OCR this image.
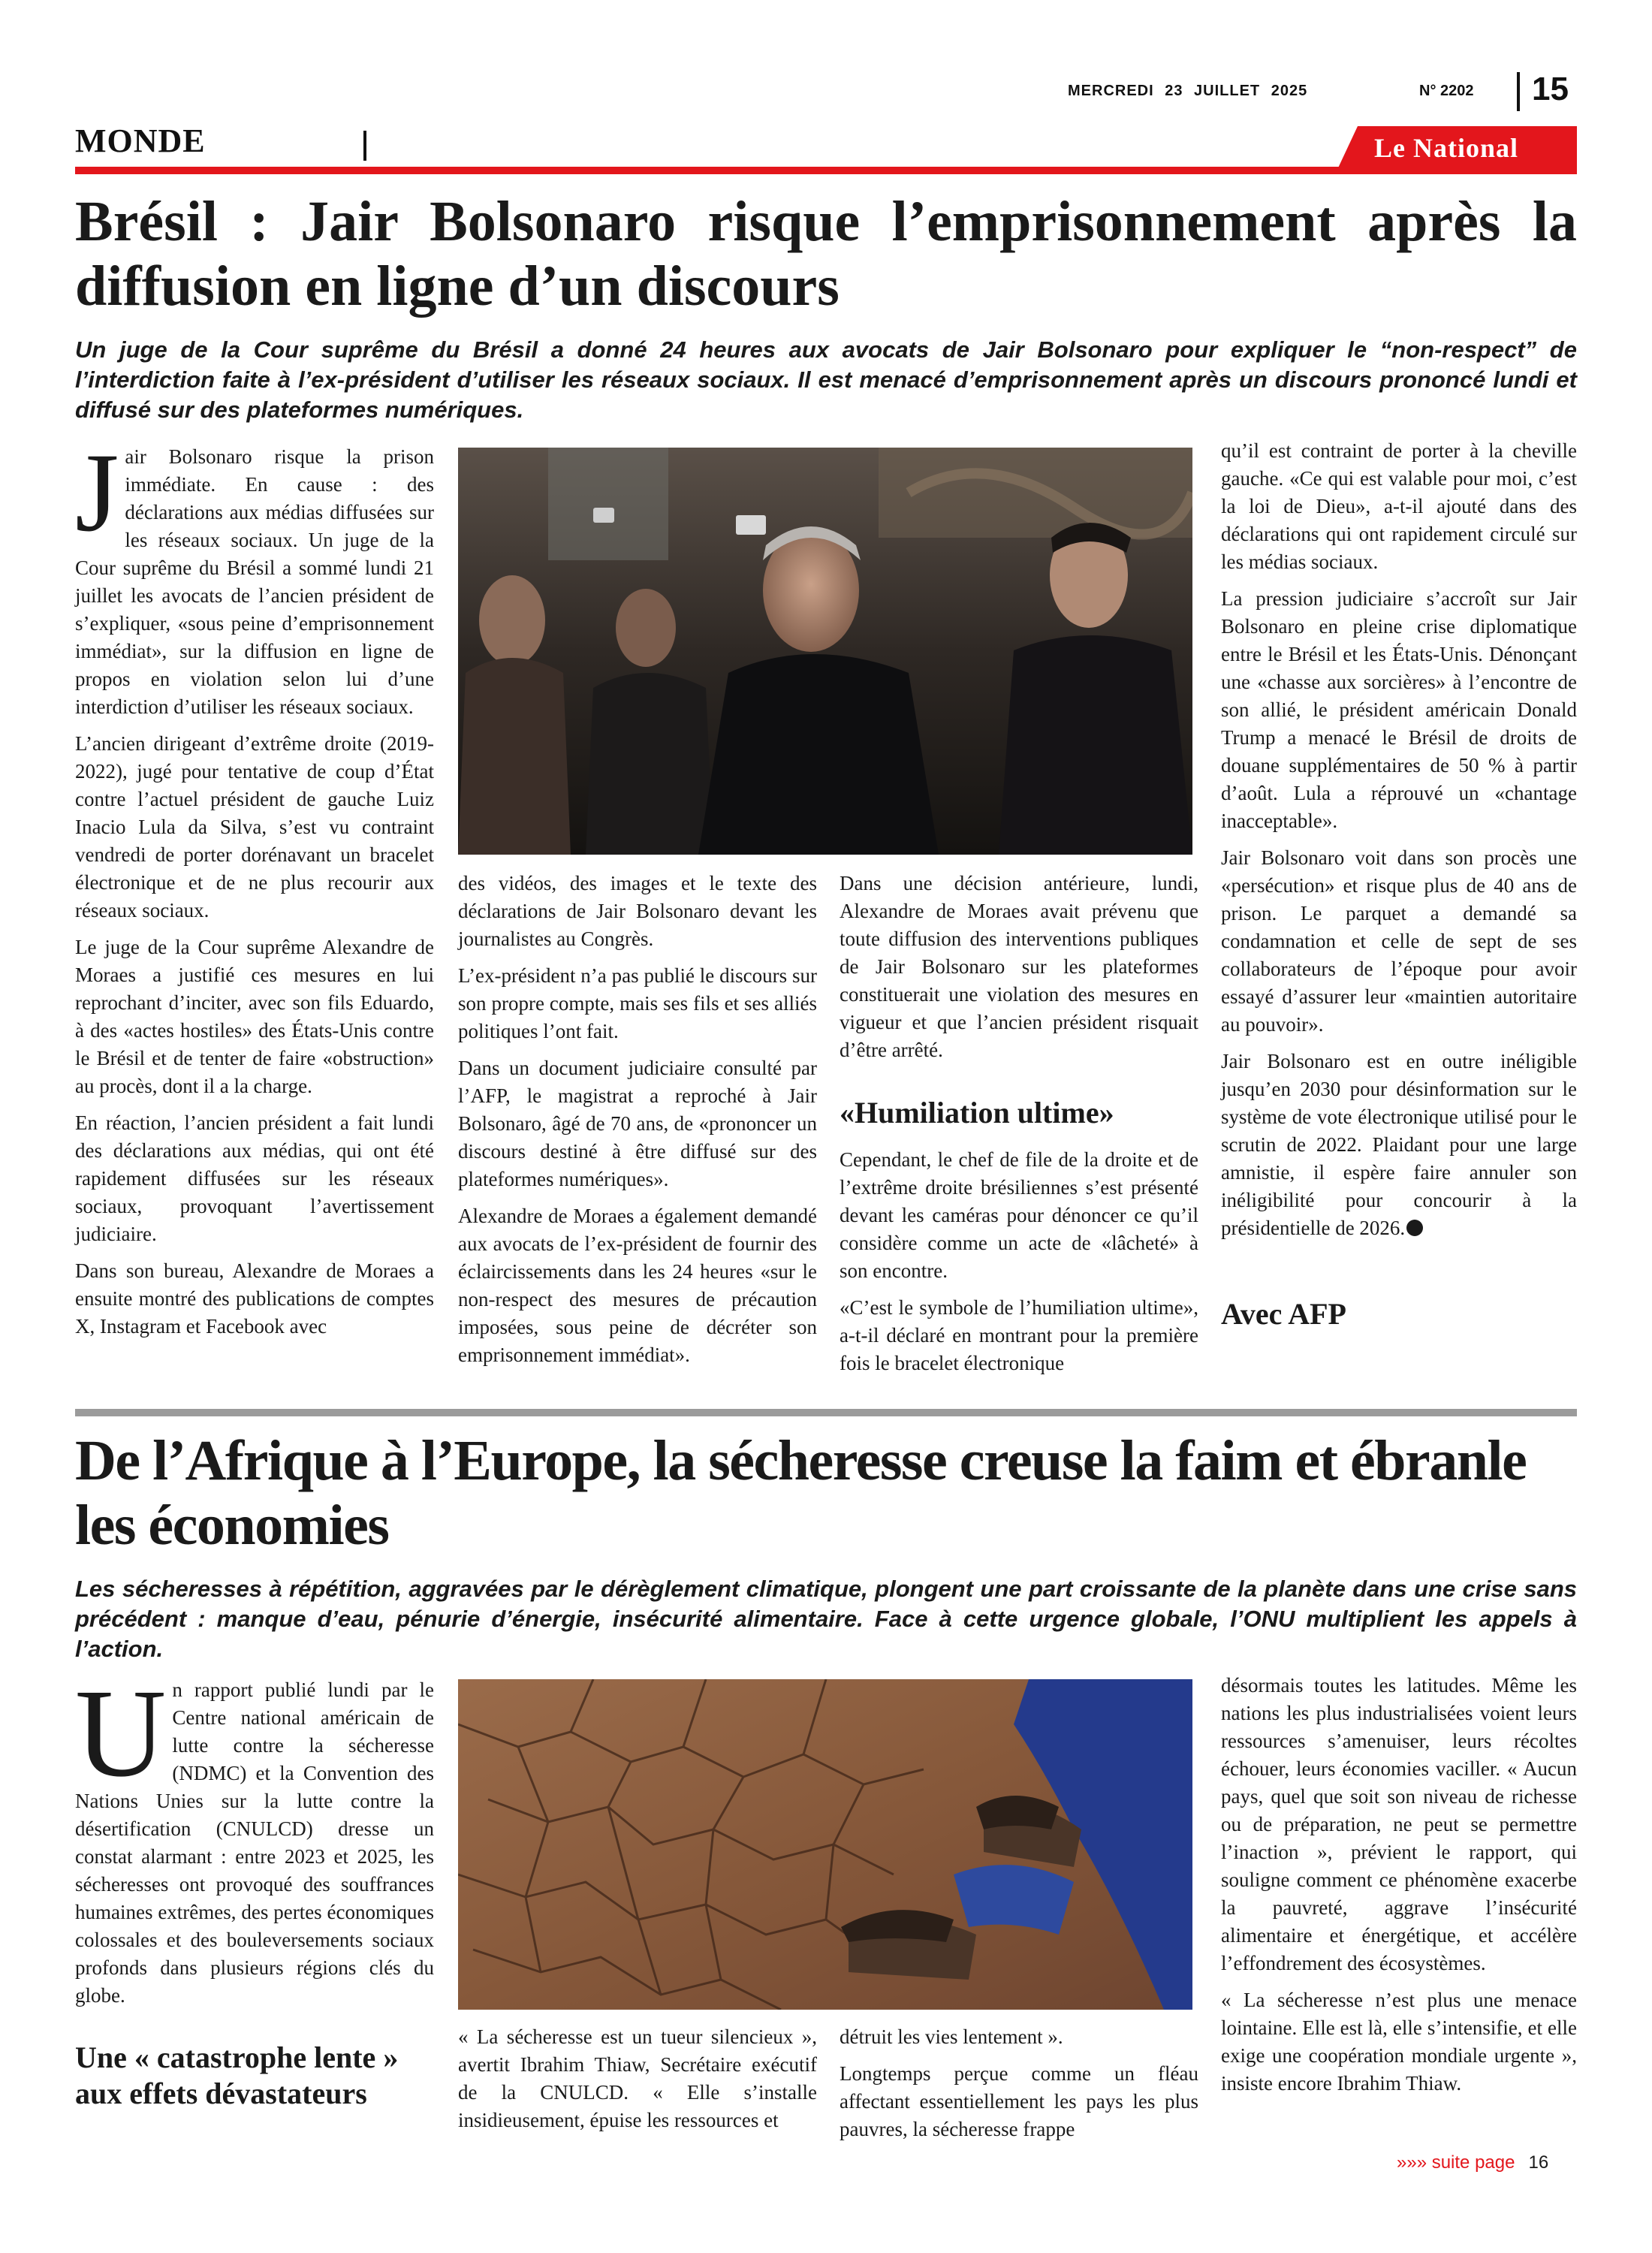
MERCREDI 23 JUILLET 2025	N° 2202 15
MONDE	Le National
Brésil : Jair Bolsonaro risque l’emprisonnement après la diffusion en ligne d’un discours
Un juge de la Cour suprême du Brésil a donné 24 heures aux avocats de Jair Bolsonaro pour expliquer le “non-respect” de l’interdiction faite à l’ex-président d’utiliser les réseaux sociaux. Il est menacé d’emprisonnement après un discours prononcé lundi et diffusé sur des plateformes numériques.

Jair Bolsonaro risque la prison immédiate. En cause : des déclarations aux médias diffusées sur les réseaux sociaux. Un juge de la Cour suprême du Brésil a sommé lundi 21 juillet les avocats de l’ancien président de s’expliquer, «sous peine d’emprisonnement immédiat», sur la diffusion en ligne de propos en violation selon lui d’une interdiction d’utiliser les réseaux sociaux.

L’ancien dirigeant d’extrême droite (2019-2022), jugé pour tentative de coup d’État contre l’actuel président de gauche Luiz Inacio Lula da Silva, s’est vu contraint vendredi de porter dorénavant un bracelet électronique et de ne plus recourir aux réseaux sociaux.

Le juge de la Cour suprême Alexandre de Moraes a justifié ces mesures en lui reprochant d’inciter, avec son fils Eduardo, à des «actes hostiles» des États-Unis contre le Brésil et de tenter de faire «obstruction» au procès, dont il a la charge.

En réaction, l’ancien président a fait lundi des déclarations aux médias, qui ont été rapidement diffusées sur les réseaux sociaux, provoquant l’avertissement judiciaire.

Dans son bureau, Alexandre de Moraes a ensuite montré des publications de comptes X, Instagram et Facebook avec

des vidéos, des images et le texte des déclarations de Jair Bolsonaro devant les journalistes au Congrès.

L’ex-président n’a pas publié le discours sur son propre compte, mais ses fils et ses alliés politiques l’ont fait.

Dans un document judiciaire consulté par l’AFP, le magistrat a reproché à Jair Bolsonaro, âgé de 70 ans, de «prononcer un discours destiné à être diffusé sur des plateformes numériques».

Alexandre de Moraes a également demandé aux avocats de l’ex-président de fournir des éclaircissements dans les 24 heures «sur le non-respect des mesures de précaution imposées, sous peine de décréter son emprisonnement immédiat».

Dans une décision antérieure, lundi, Alexandre de Moraes avait prévenu que toute diffusion des interventions publiques de Jair Bolsonaro sur les plateformes constituerait une violation des mesures en vigueur et que l’ancien président risquait d’être arrêté.

«Humiliation ultime»

Cependant, le chef de file de la droite et de l’extrême droite brésiliennes s’est présenté devant les caméras pour dénoncer ce qu’il considère comme un acte de «lâcheté» à son encontre.

«C’est le symbole de l’humiliation ultime», a-t-il déclaré en montrant pour la première fois le bracelet électronique

qu’il est contraint de porter à la cheville gauche. «Ce qui est valable pour moi, c’est la loi de Dieu», a-t-il ajouté dans des déclarations qui ont rapidement circulé sur les médias sociaux.

La pression judiciaire s’accroît sur Jair Bolsonaro en pleine crise diplomatique entre le Brésil et les États-Unis. Dénonçant une «chasse aux sorcières» à l’encontre de son allié, le président américain Donald Trump a menacé le Brésil de droits de douane supplémentaires de 50 % à partir d’août. Lula a réprouvé un «chantage inacceptable».

Jair Bolsonaro voit dans son procès une «persécution» et risque plus de 40 ans de prison. Le parquet a demandé sa condamnation et celle de sept de ses collaborateurs de l’époque pour avoir essayé d’assurer leur «maintien autoritaire au pouvoir».

Jair Bolsonaro est en outre inéligible jusqu’en 2030 pour désinformation sur le système de vote électronique utilisé pour le scrutin de 2022. Plaidant pour une large amnistie, il espère faire annuler son inéligibilité pour concourir à la présidentielle de 2026.

Avec AFP
De l’Afrique à l’Europe, la sécheresse creuse la faim et ébranle les économies
Les sécheresses à répétition, aggravées par le dérèglement climatique, plongent une part croissante de la planète dans une crise sans précédent : manque d’eau, pénurie d’énergie, insécurité alimentaire. Face à cette urgence globale, l’ONU multiplient les appels à l’action.

Un rapport publié lundi par le Centre national américain de lutte contre la sécheresse (NDMC) et la Convention des Nations Unies sur la lutte contre la désertification (CNULCD) dresse un constat alarmant : entre 2023 et 2025, les sécheresses ont provoqué des souffrances humaines extrêmes, des pertes économiques colossales et des bouleversements sociaux profonds dans plusieurs régions clés du globe.

Une « catastrophe lente » aux effets dévastateurs

« La sécheresse est un tueur silencieux », avertit Ibrahim Thiaw, Secrétaire exécutif de la CNULCD. « Elle s’installe insidieusement, épuise les ressources et

détruit les vies lentement ».

Longtemps perçue comme un fléau affectant essentiellement les pays les plus pauvres, la sécheresse frappe

désormais toutes les latitudes. Même les nations les plus industrialisées voient leurs ressources s’amenuiser, leurs récoltes échouer, leurs économies vaciller. « Aucun pays, quel que soit son niveau de richesse ou de préparation, ne peut se permettre l’inaction », prévient le rapport, qui souligne comment ce phénomène exacerbe la pauvreté, aggrave l’insécurité alimentaire et énergétique, et accélère l’effondrement des écosystèmes.

« La sécheresse n’est plus une menace lointaine. Elle est là, elle s’intensifie, et elle exige une coopération mondiale urgente », insiste encore Ibrahim Thiaw.

»»» suite page 16
